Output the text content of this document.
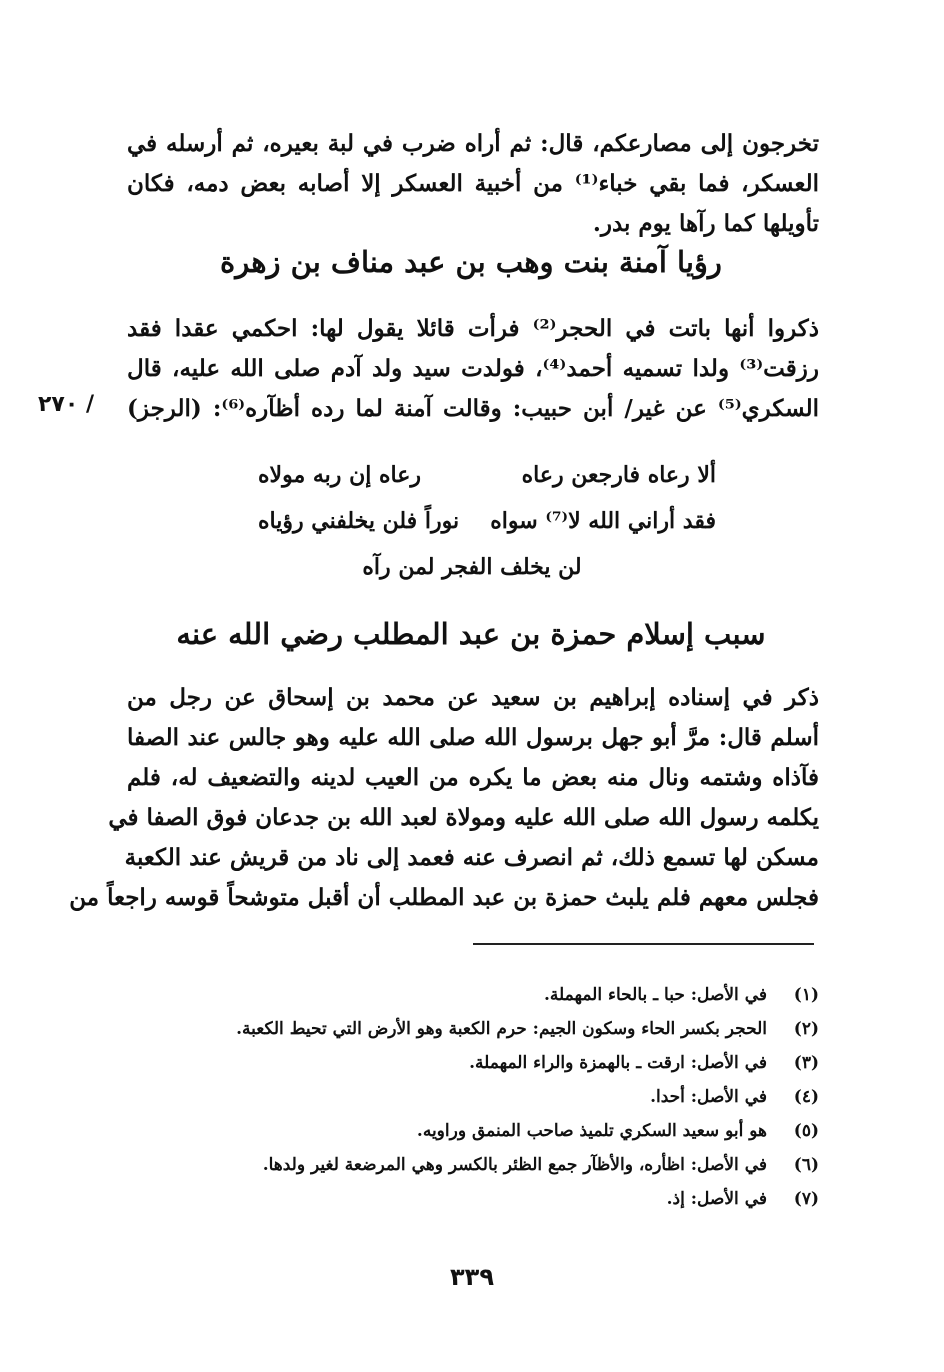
تخرجون إلى مصارعكم، قال: ثم أراه ضرب في لبة بعيره، ثم أرسله في
العسكر، فما بقي خباء⁽¹⁾ من أخبية العسكر إلا أصابه بعض دمه، فكان
تأويلها كما رآها يوم بدر.
رؤيا آمنة بنت وهب بن عبد مناف بن زهرة
ذكروا أنها باتت في الحجر⁽²⁾ فرأت قائلا يقول لها: احكمي عقدا فقد
رزقت⁽³⁾ ولدا تسميه أحمد⁽⁴⁾، فولدت سيد ولد آدم صلى الله عليه، قال
السكري⁽⁵⁾ عن غير/ أبن حبيب: وقالت آمنة لما رده أظآره⁽⁶⁾: (الرجز)
/ ٢٧٠
ألا رعاه فارجعن رعاه
رعاه إن ربه مولاه
فقد أراني الله لا⁽⁷⁾ سواه
نوراً فلن يخلفني رؤياه
لن يخلف الفجر لمن رآه
سبب إسلام حمزة بن عبد المطلب رضي الله عنه
ذكر في إسناده إبراهيم بن سعيد عن محمد بن إسحاق عن رجل من
أسلم قال: مرَّ أبو جهل برسول الله صلى الله عليه وهو جالس عند الصفا
فآذاه وشتمه ونال منه بعض ما يكره من العيب لدينه والتضعيف له، فلم
يكلمه رسول الله صلى الله عليه ومولاة لعبد الله بن جدعان فوق الصفا في
مسكن لها تسمع ذلك، ثم انصرف عنه فعمد إلى ناد من قريش عند الكعبة
فجلس معهم فلم يلبث حمزة بن عبد المطلب أن أقبل متوشحاً قوسه راجعاً من
(١)في الأصل: حبا ـ بالحاء المهملة.
(٢)الحجر بكسر الحاء وسكون الجيم: حرم الكعبة وهو الأرض التي تحيط الكعبة.
(٣)في الأصل: ارقت ـ بالهمزة والراء المهملة.
(٤)في الأصل: أحدا.
(٥)هو أبو سعيد السكري تلميذ صاحب المنمق وراويه.
(٦)في الأصل: اظأره، والأظآر جمع الظئر بالكسر وهي المرضعة لغير ولدها.
(٧)في الأصل: إذ.
٣٣٩
